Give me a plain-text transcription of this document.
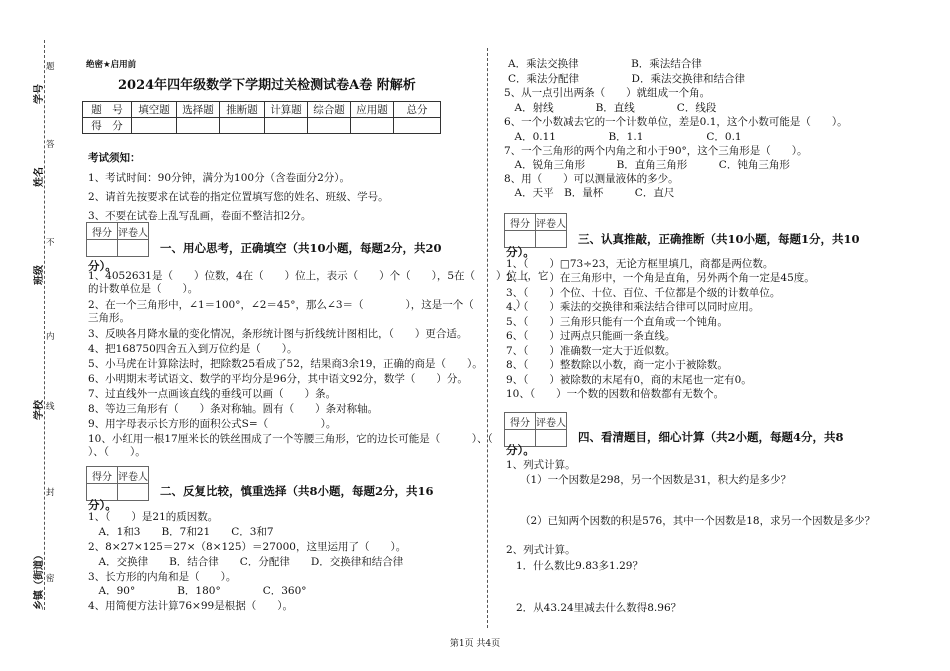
学号
姓名
班级
学校
乡镇（街道）
题
答
不
内
线
封
密
绝密★启用前
2024年四年级数学下学期过关检测试卷A卷 附解析
题　号	填空题	选择题	推断题	计算题	综合题	应用题	总分
得　分							
考试须知：
1、考试时间：90分钟，满分为100分（含卷面分2分）。
2、请首先按要求在试卷的指定位置填写您的姓名、班级、学号。
3、不要在试卷上乱写乱画，卷面不整洁扣2分。
得分	评卷人

一、用心思考，正确填空（共10小题，每题2分，共20
分）。
1、4052631是（　　）位数，4在（　　）位上，表示（　　）个（　　），5在（　　）位上，它
的计数单位是（　　）。
2、在一个三角形中，∠1＝100°，∠2＝45°，那么∠3＝（　　　　），这是一个（　　　　）
三角形。
3、反映各月降水量的变化情况，条形统计图与折线统计图相比，（　　）更合适。
4、把168750四舍五入到万位约是（　　）。
5、小马虎在计算除法时，把除数25看成了52，结果商3余19，正确的商是（　　）。
6、小明期末考试语文、数学的平均分是96分，其中语文92分，数学（　　）分。
7、过直线外一点画该直线的垂线可以画（　　）条。
8、等边三角形有（　　）条对称轴。圆有（　　）条对称轴。
9、用字母表示长方形的面积公式S=（　　　　　）。
10、小红用一根17厘米长的铁丝围成了一个等腰三角形，它的边长可能是（　　　）、（
）、（　　）。
得分	评卷人

二、反复比较，慎重选择（共8小题，每题2分，共16
分）。
1、（　　）是21的质因数。
　A．1和3　　B．7和21　　C．3和7
2、8×27×125＝27×（8×125）＝27000，这里运用了（　　）。
　A．交换律　　B．结合律　　C．分配律　　D．交换律和结合律
3、长方形的内角和是（　　）。
　A．90°　　　　B．180°　　　　C．360°
4、用简便方法计算76×99是根据（　　）。
A．乘法交换律　　　　　B．乘法结合律
C．乘法分配律　　　　　D．乘法交换律和结合律
5、从一点引出两条（　　）就组成一个角。
　A．射线　　　　B．直线　　　　C．线段
6、一个小数减去它的一个计数单位，差是0.1，这个小数可能是（　　）。
　A．0.11　　　　　B．1.1　　　　　　C．0.1
7、一个三角形的两个内角之和小于90°，这个三角形是（　　）。
　A．锐角三角形　　　B．直角三角形　　　C．钝角三角形
8、用（　　）可以测量液体的多少。
　A．天平　B．量杯　　　C．直尺
得分	评卷人

三、认真推敲，正确推断（共10小题，每题1分，共10
分）。
1、（　　）□73÷23，无论方框里填几，商都是两位数。
2、（　　）在三角形中，一个角是直角，另外两个角一定是45度。
3、（　　）个位、十位、百位、千位都是个级的计数单位。
4、（　　）乘法的交换律和乘法结合律可以同时应用。
5、（　　）三角形只能有一个直角或一个钝角。
6、（　　）过两点只能画一条直线。
7、（　　）准确数一定大于近似数。
8、（　　）整数除以小数，商一定小于被除数。
9、（　　）被除数的末尾有0，商的末尾也一定有0。
10、（　　）一个数的因数和倍数都有无数个。
得分	评卷人

四、看清题目，细心计算（共2小题，每题4分，共8
分）。
1、列式计算。
（1）一个因数是298，另一个因数是31，积大约是多少？
（2）已知两个因数的积是576，其中一个因数是18，求另一个因数是多少？
2、列式计算。
1．什么数比9.83多1.29？
2．从43.24里减去什么数得8.96？
第1页 共4页
